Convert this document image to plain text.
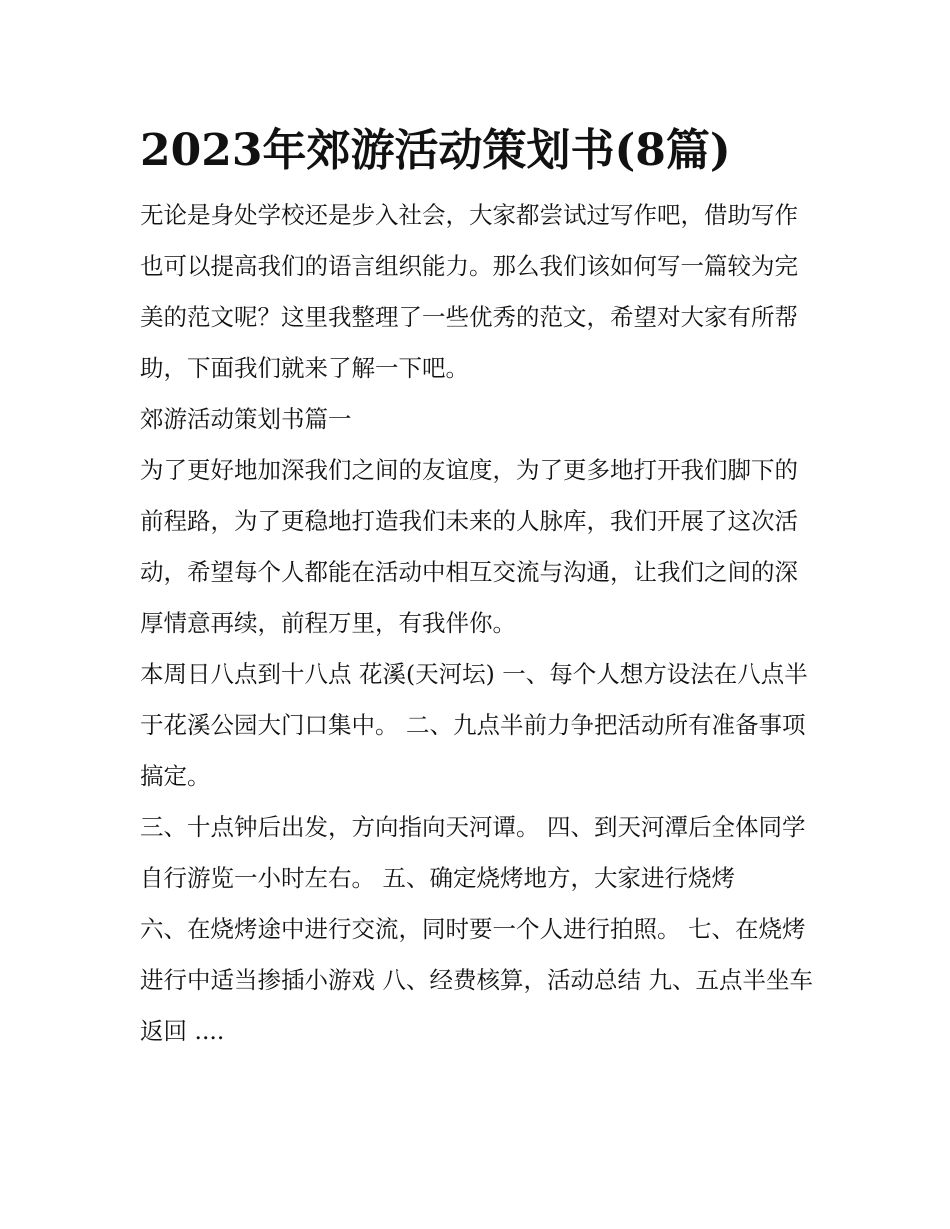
2023年郊游活动策划书(8篇)

无论是身处学校还是步入社会，大家都尝试过写作吧，借助写作也可以提高我们的语言组织能力。那么我们该如何写一篇较为完美的范文呢？这里我整理了一些优秀的范文，希望对大家有所帮助，下面我们就来了解一下吧。

郊游活动策划书篇一

为了更好地加深我们之间的友谊度，为了更多地打开我们脚下的前程路，为了更稳地打造我们未来的人脉库，我们开展了这次活动，希望每个人都能在活动中相互交流与沟通，让我们之间的深厚情意再续，前程万里，有我伴你。

本周日八点到十八点 花溪(天河坛) 一、每个人想方设法在八点半于花溪公园大门口集中。 二、九点半前力争把活动所有准备事项搞定。

三、十点钟后出发，方向指向天河谭。 四、到天河潭后全体同学自行游览一小时左右。 五、确定烧烤地方，大家进行烧烤

六、在烧烤途中进行交流，同时要一个人进行拍照。 七、在烧烤进行中适当掺插小游戏 八、经费核算，活动总结 九、五点半坐车返回 ....
